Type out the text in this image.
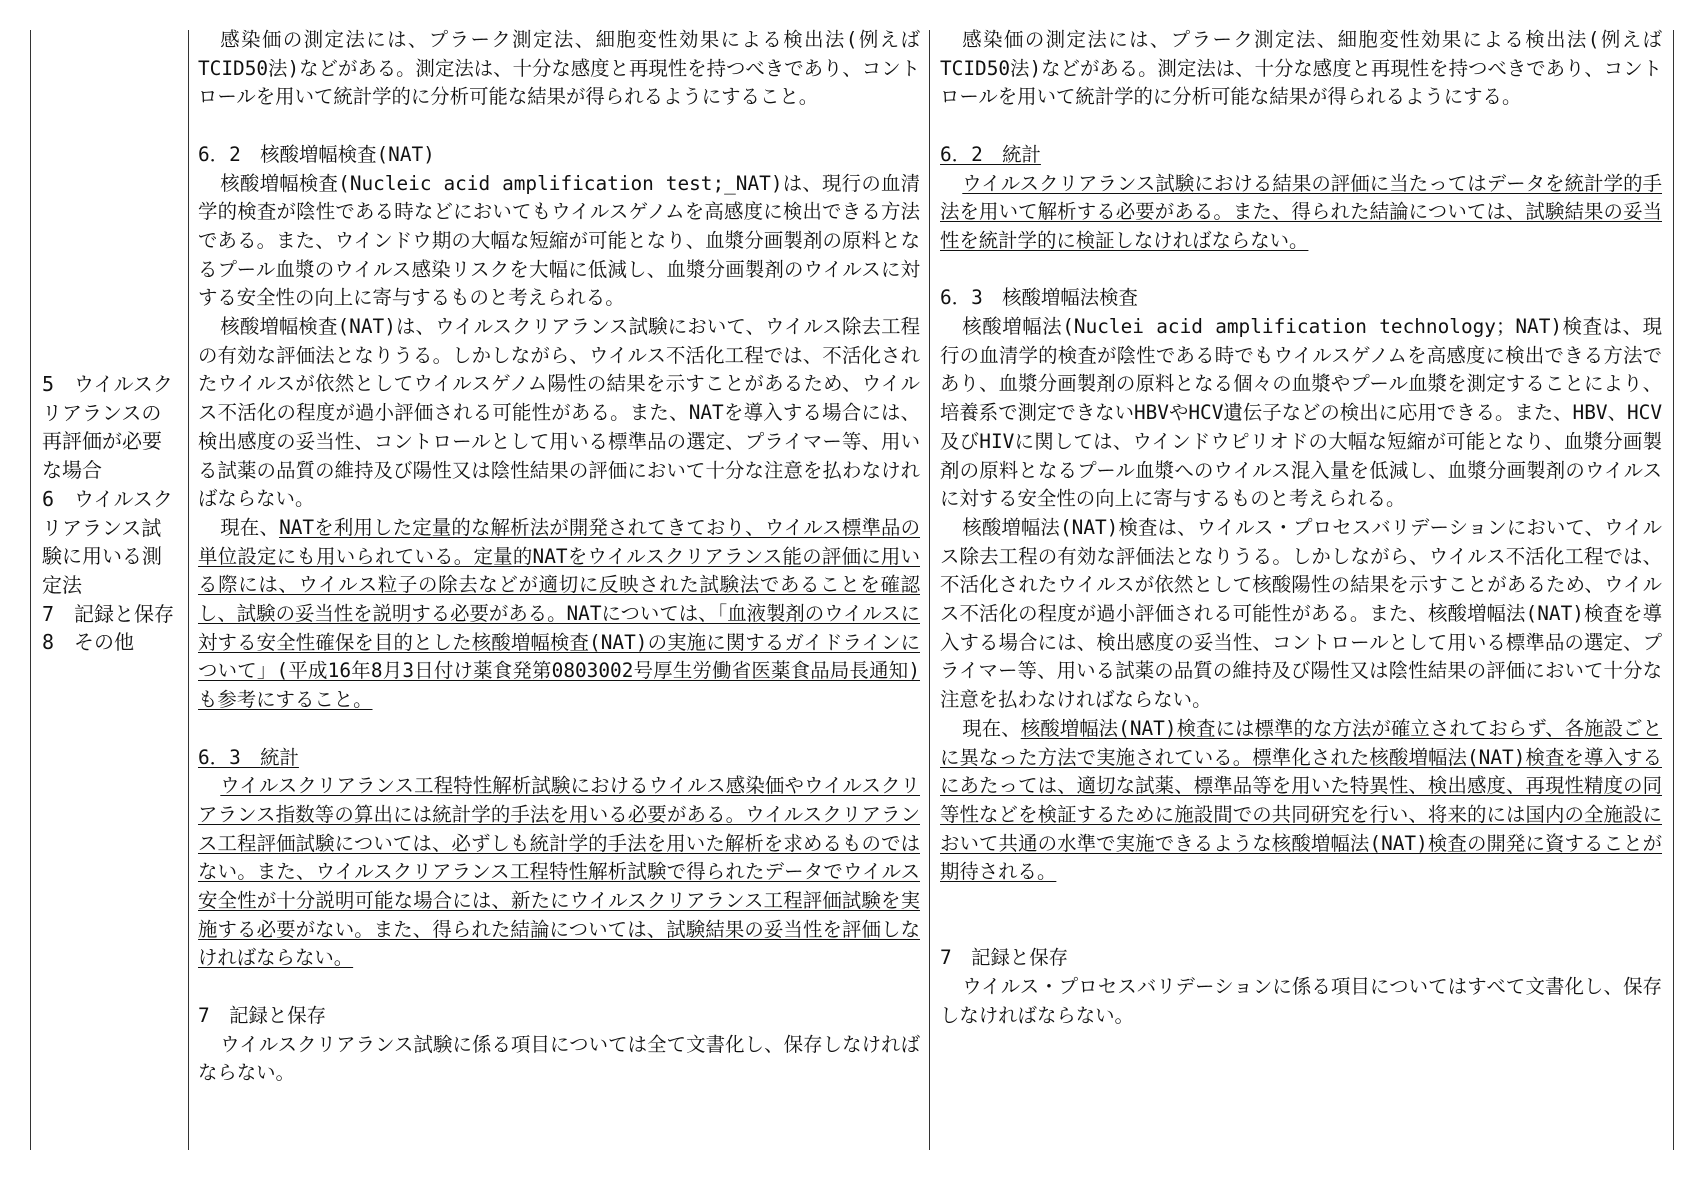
5　ウイルスクリアランスの再評価が必要な場合

6　ウイルスクリアランス試験に用いる測定法

7　記録と保存

8　その他

感染価の測定法には、プラーク測定法、細胞変性効果による検出法(例えばTCID50法)などがある。測定法は、十分な感度と再現性を持つべきであり、コントロールを用いて統計学的に分析可能な結果が得られるようにすること。

6．2　核酸増幅検査(NAT)

核酸増幅検査(Nucleic acid amplification test;_NAT)は、現行の血清学的検査が陰性である時などにおいてもウイルスゲノムを高感度に検出できる方法である。また、ウインドウ期の大幅な短縮が可能となり、血漿分画製剤の原料となるプール血漿のウイルス感染リスクを大幅に低減し、血漿分画製剤のウイルスに対する安全性の向上に寄与するものと考えられる。

核酸増幅検査(NAT)は、ウイルスクリアランス試験において、ウイルス除去工程の有効な評価法となりうる。しかしながら、ウイルス不活化工程では、不活化されたウイルスが依然としてウイルスゲノム陽性の結果を示すことがあるため、ウイルス不活化の程度が過小評価される可能性がある。また、NATを導入する場合には、検出感度の妥当性、コントロールとして用いる標準品の選定、プライマー等、用いる試薬の品質の維持及び陽性又は陰性結果の評価において十分な注意を払わなければならない。

現在、NATを利用した定量的な解析法が開発されてきており、ウイルス標準品の単位設定にも用いられている。定量的NATをウイルスクリアランス能の評価に用いる際には、ウイルス粒子の除去などが適切に反映された試験法であることを確認し、試験の妥当性を説明する必要がある。NATについては、「血液製剤のウイルスに対する安全性確保を目的とした核酸増幅検査(NAT)の実施に関するガイドラインについて」(平成16年8月3日付け薬食発第0803002号厚生労働省医薬食品局長通知)も参考にすること。

6．3　統計

ウイルスクリアランス工程特性解析試験におけるウイルス感染価やウイルスクリアランス指数等の算出には統計学的手法を用いる必要がある。ウイルスクリアランス工程評価試験については、必ずしも統計学的手法を用いた解析を求めるものではない。また、ウイルスクリアランス工程特性解析試験で得られたデータでウイルス安全性が十分説明可能な場合には、新たにウイルスクリアランス工程評価試験を実施する必要がない。また、得られた結論については、試験結果の妥当性を評価しなければならない。

7　記録と保存

ウイルスクリアランス試験に係る項目については全て文書化し、保存しなければならない。

感染価の測定法には、プラーク測定法、細胞変性効果による検出法(例えばTCID50法)などがある。測定法は、十分な感度と再現性を持つべきであり、コントロールを用いて統計学的に分析可能な結果が得られるようにする。

6．2　統計

ウイルスクリアランス試験における結果の評価に当たってはデータを統計学的手法を用いて解析する必要がある。また、得られた結論については、試験結果の妥当性を統計学的に検証しなければならない。

6．3　核酸増幅法検査

核酸増幅法(Nuclei acid amplification technology；NAT)検査は、現行の血清学的検査が陰性である時でもウイルスゲノムを高感度に検出できる方法であり、血漿分画製剤の原料となる個々の血漿やプール血漿を測定することにより、培養系で測定できないHBVやHCV遺伝子などの検出に応用できる。また、HBV、HCV及びHIVに関しては、ウインドウピリオドの大幅な短縮が可能となり、血漿分画製剤の原料となるプール血漿へのウイルス混入量を低減し、血漿分画製剤のウイルスに対する安全性の向上に寄与するものと考えられる。

核酸増幅法(NAT)検査は、ウイルス・プロセスバリデーションにおいて、ウイルス除去工程の有効な評価法となりうる。しかしながら、ウイルス不活化工程では、不活化されたウイルスが依然として核酸陽性の結果を示すことがあるため、ウイルス不活化の程度が過小評価される可能性がある。また、核酸増幅法(NAT)検査を導入する場合には、検出感度の妥当性、コントロールとして用いる標準品の選定、プライマー等、用いる試薬の品質の維持及び陽性又は陰性結果の評価において十分な注意を払わなければならない。

現在、核酸増幅法(NAT)検査には標準的な方法が確立されておらず、各施設ごとに異なった方法で実施されている。標準化された核酸増幅法(NAT)検査を導入するにあたっては、適切な試薬、標準品等を用いた特異性、検出感度、再現性精度の同等性などを検証するために施設間での共同研究を行い、将来的には国内の全施設において共通の水準で実施できるような核酸増幅法(NAT)検査の開発に資することが期待される。

7　記録と保存

ウイルス・プロセスバリデーションに係る項目についてはすべて文書化し、保存しなければならない。
